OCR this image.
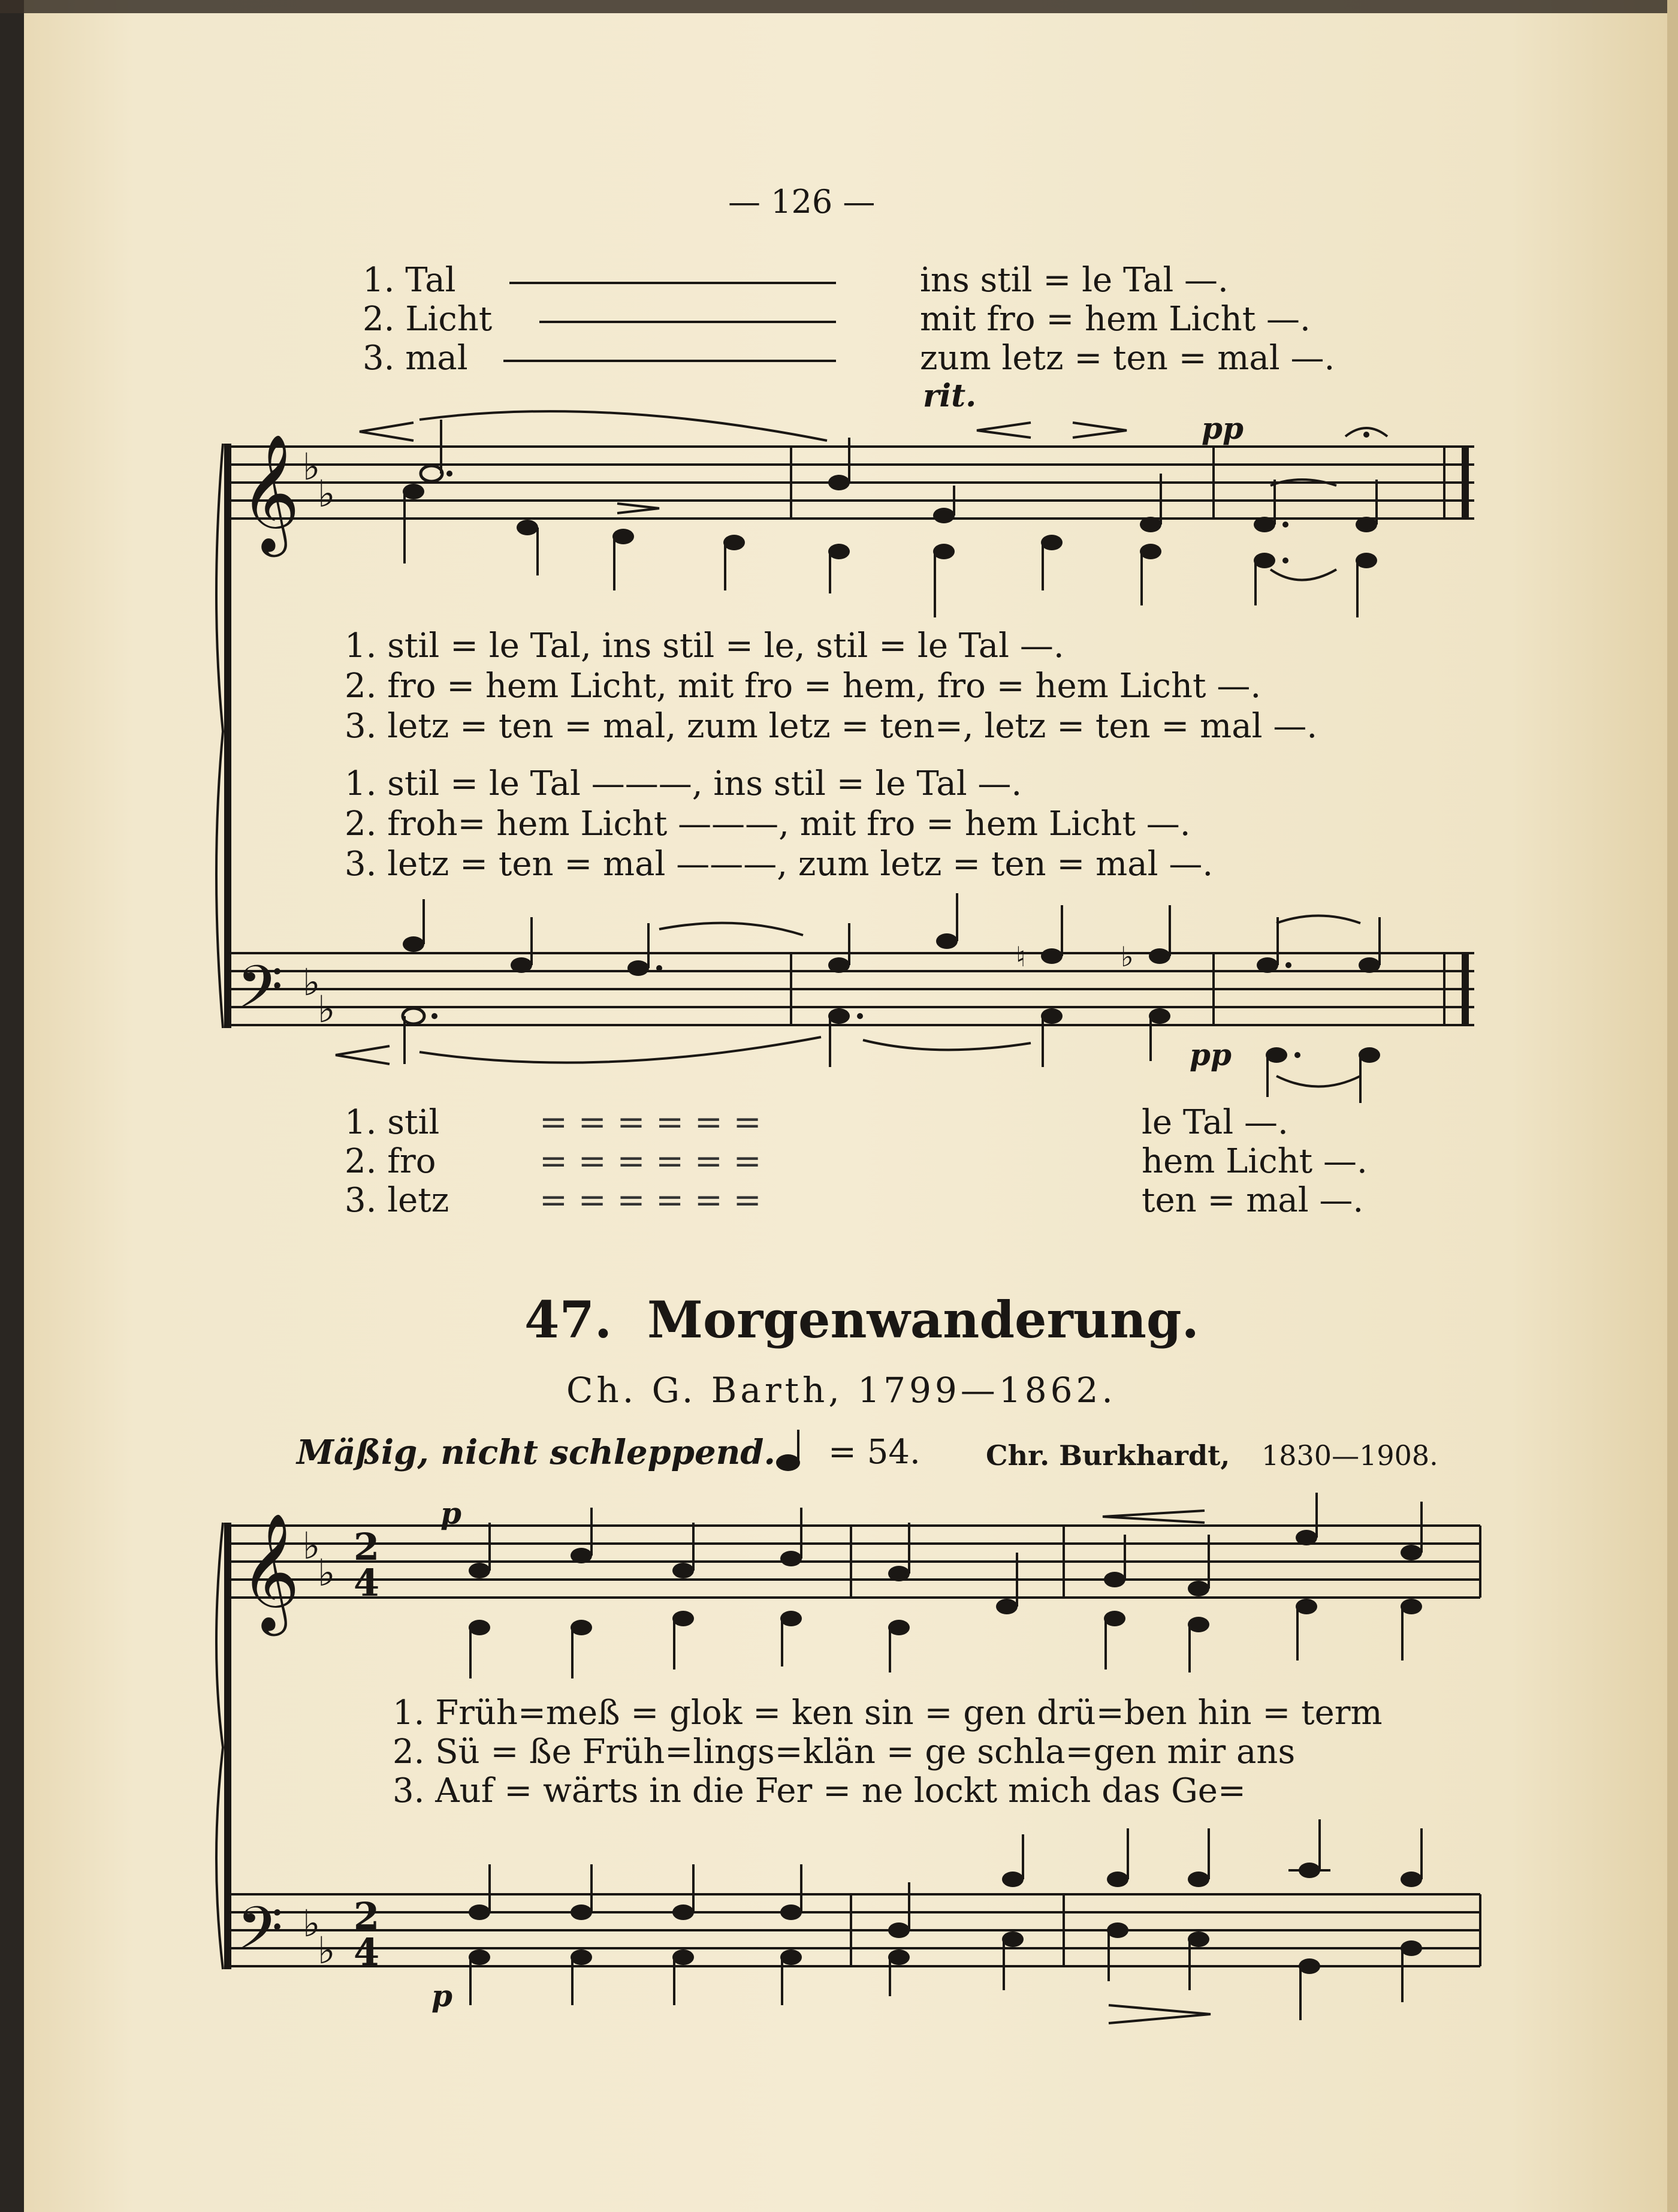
— 126 —
1. Tal	ins stil = le Tal —.
2. Licht	mit fro = hem Licht —.
3. mal	zum letz = ten = mal —.
rit.
pp
pp
p
p
1. stil = le Tal, ins stil = le, stil = le Tal —.
2. fro = hem Licht, mit fro = hem, fro = hem Licht —.
3. letz = ten = mal, zum letz = ten=, letz = ten = mal —.
1. stil = le Tal ———, ins stil = le Tal —.
2. froh= hem Licht ———, mit fro = hem Licht —.
3. letz = ten = mal ———, zum letz = ten = mal —.
1. stil	= = = = = =	le Tal —.
2. fro	= = = = = =	hem Licht —.
3. letz	= = = = = =	ten = mal —.
47. Morgenwanderung.
Ch. G. Barth, 1799—1862.
Mäßig, nicht schleppend. = 54. Chr. Burkhardt, 1830—1908.
1. Früh=meß = glok = ken sin = gen drü=ben hin = term
2. Sü = ße Früh=lings=klän = ge schla=gen mir ans
3. Auf = wärts in die Fer = ne lockt mich das Ge=
𝄞 ♭
♭
𝄢 ♭
♭
♮	♭
𝄞 ♭
♭
2
4
𝄢 ♭
♭
2
4
